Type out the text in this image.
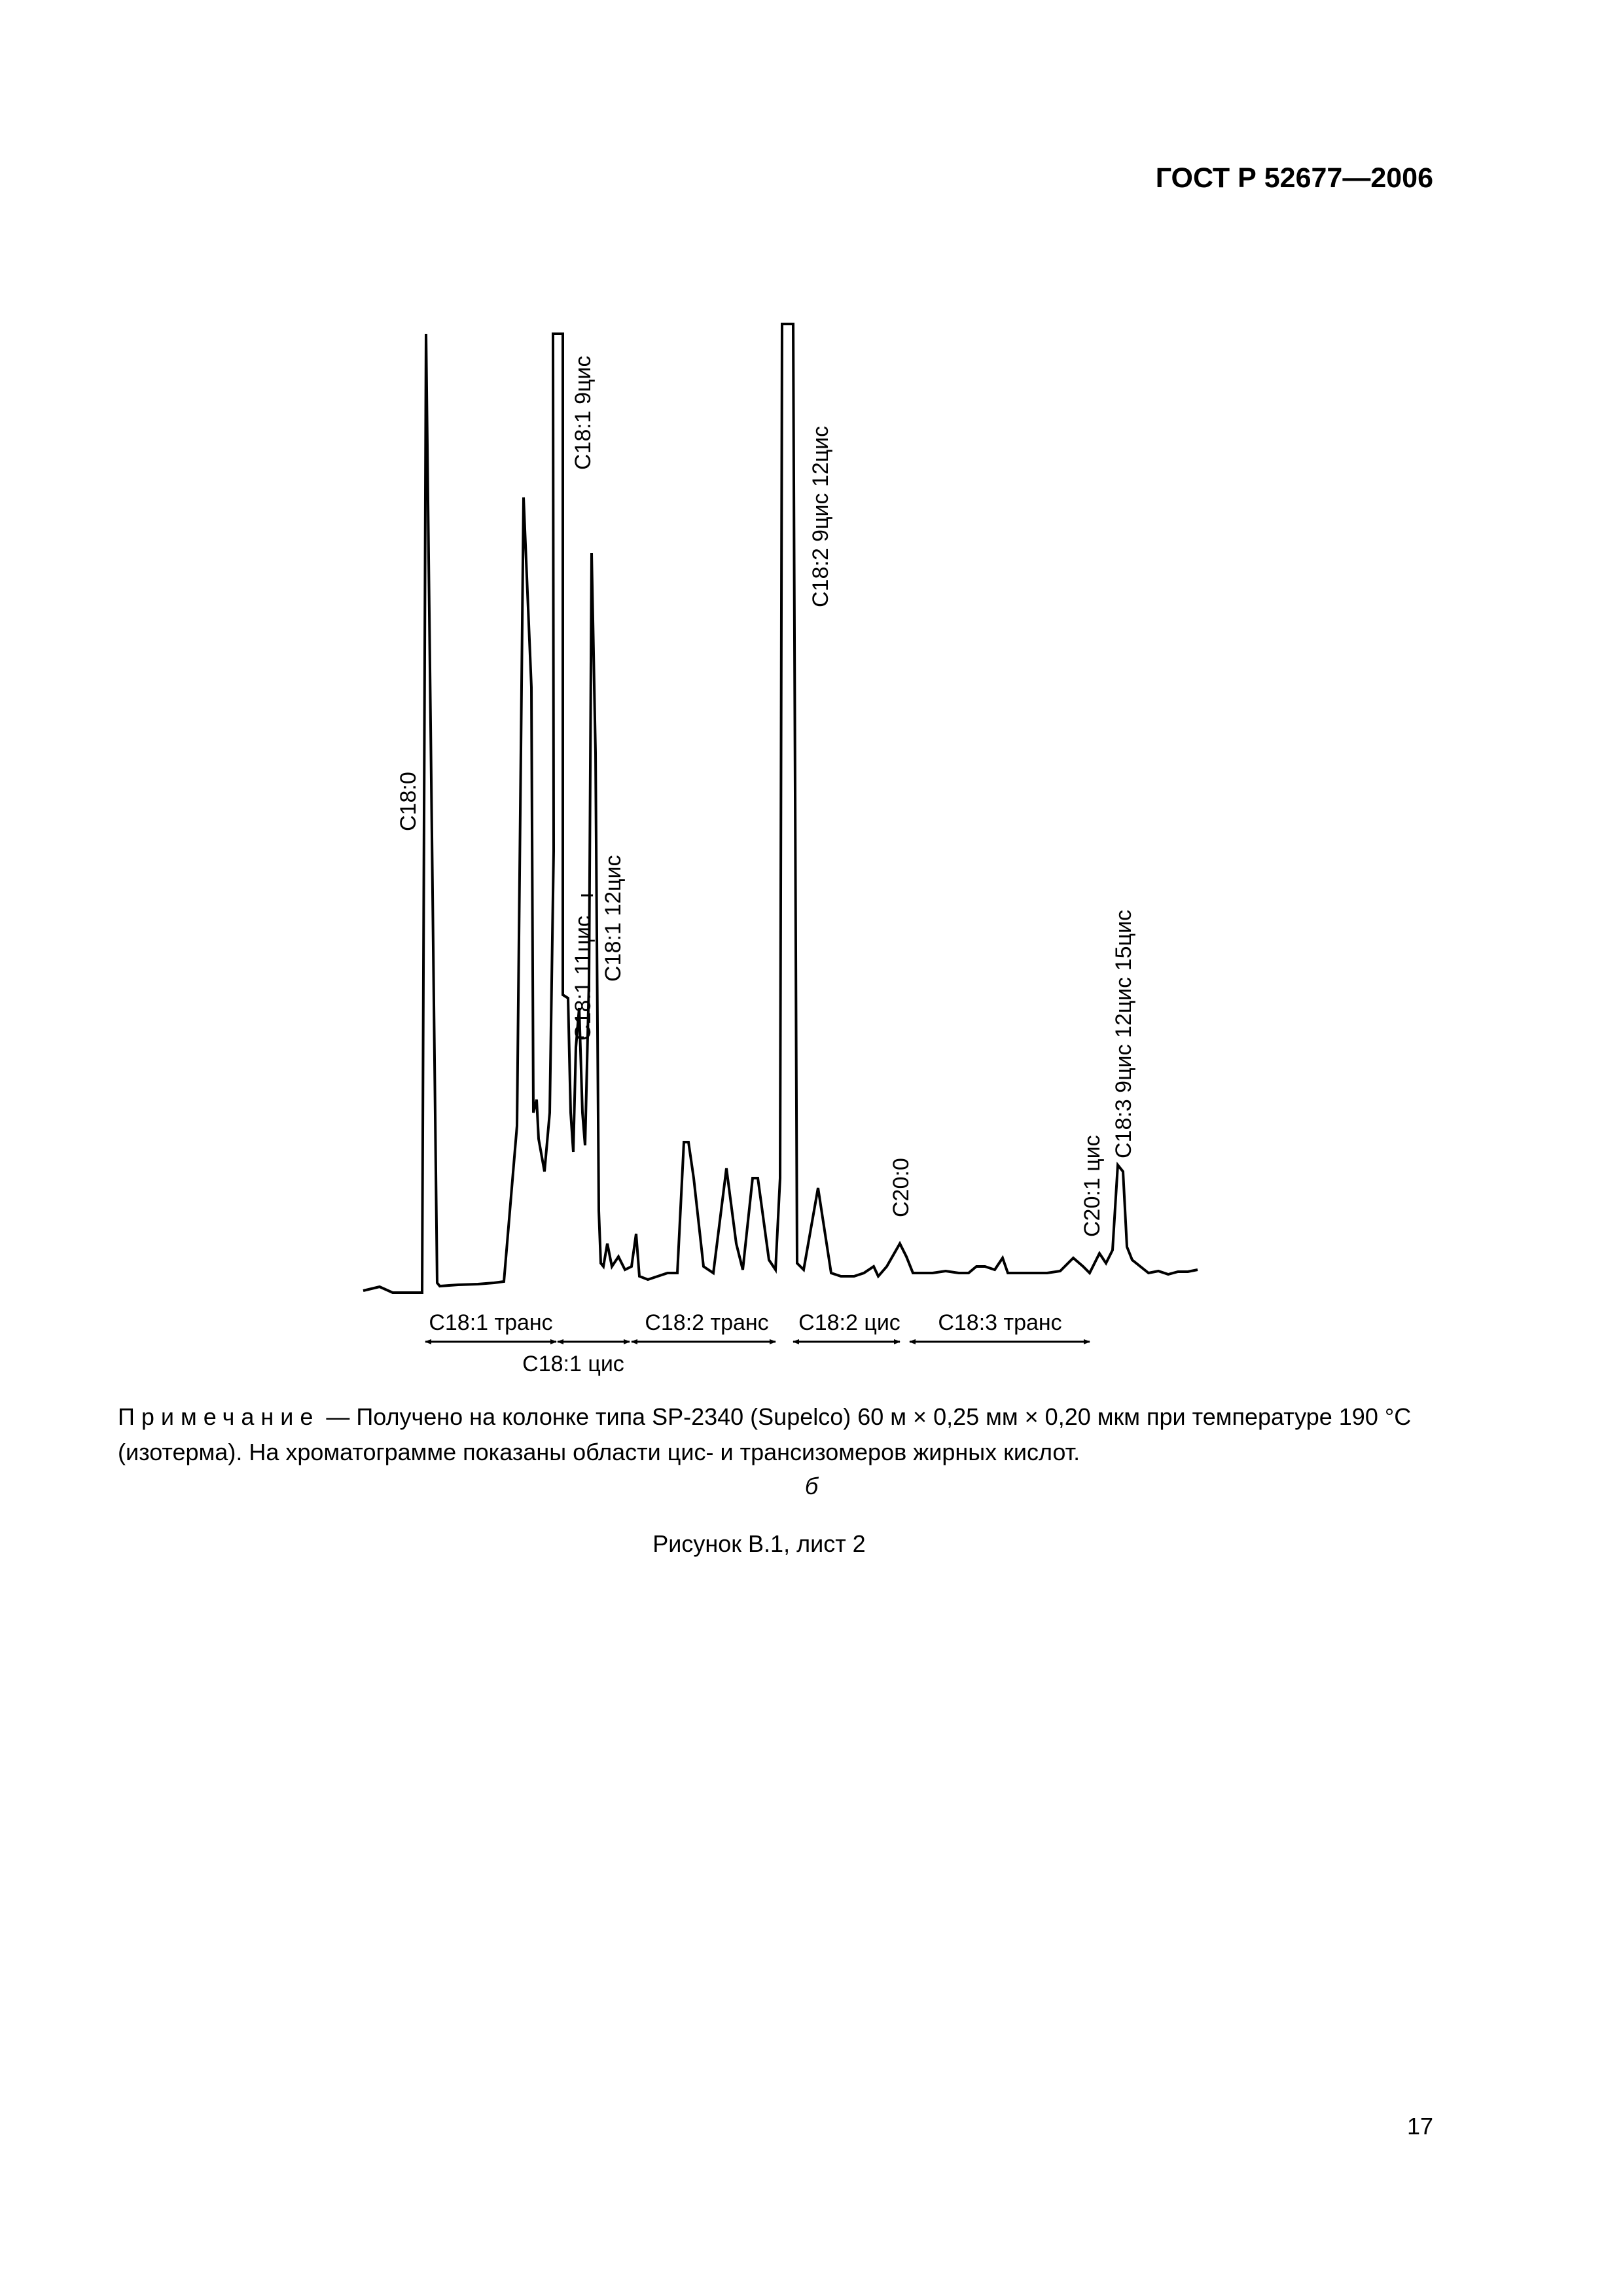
ГОСТ Р 52677—2006
С18:0
С18:1 9цис
С18:1 11цис С18:1 12цис
С18:2 9цис 12цис
С20:0	С20:1 цис
С18:3 9цис 12цис 15цис
С18:1 транс
С18:1 цис
С18:2 транс С18:2 цис С18:3 транс
Примечание — Получено на колонке типа SP-2340 (Supelco) 60 м × 0,25 мм × 0,20 мкм при температуре 190 °С (изотерма). На хроматограмме показаны области цис- и трансизомеров жирных кислот.
б
Рисунок B.1, лист 2
17
